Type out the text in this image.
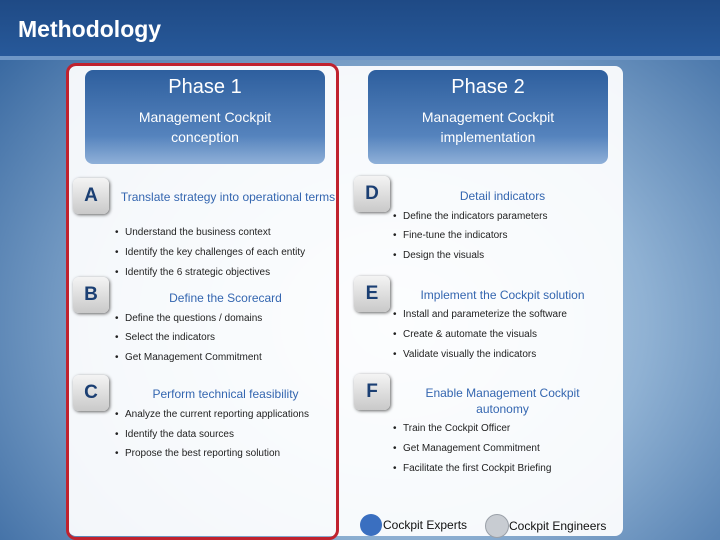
Methodology
Phase 1
Management Cockpit conception
Phase 2
Management Cockpit implementation
A	Translate strategy into operational terms
• Understand the business context
• Identify the key challenges of each entity
• Identify the 6 strategic objectives
B	Define the Scorecard
• Define the questions / domains
• Select the indicators
• Get Management Commitment
C	Perform technical feasibility
• Analyze the current reporting applications
• Identify the data sources
• Propose the best reporting solution
D	Detail indicators
• Define the indicators parameters
• Fine-tune the indicators
• Design the visuals
E	Implement the Cockpit solution
• Install and parameterize the software
• Create & automate the visuals
• Validate visually the indicators
F	Enable Management Cockpit autonomy
• Train the Cockpit Officer
• Get Management Commitment
• Facilitate the first Cockpit Briefing
Cockpit Experts	Cockpit Engineers
